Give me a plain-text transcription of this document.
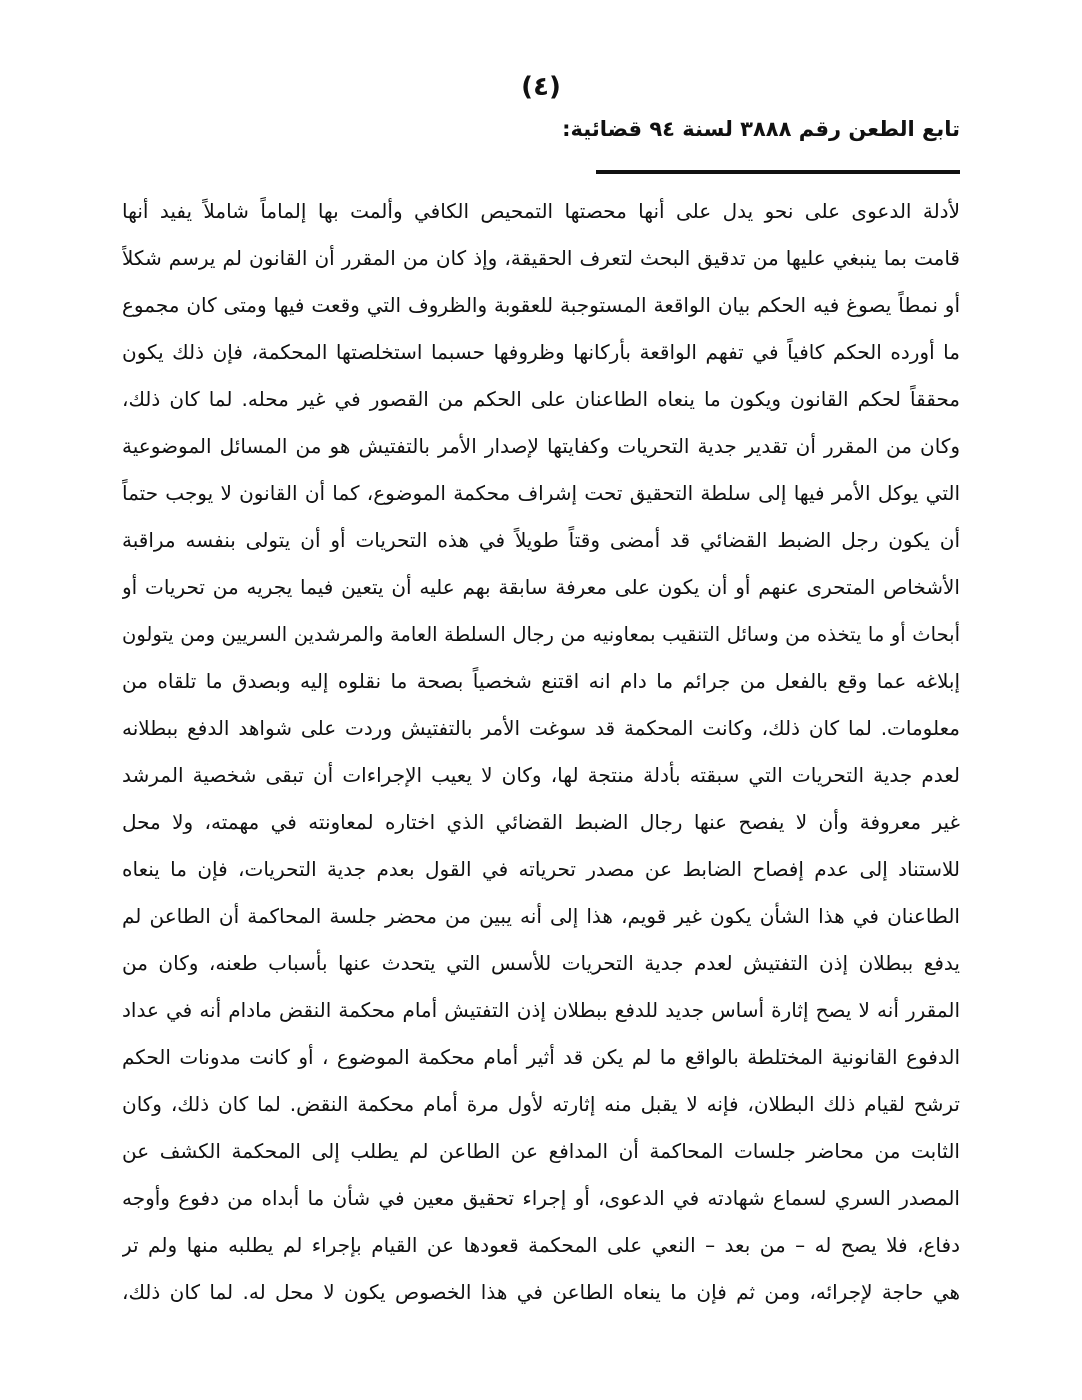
(٤)
تابع الطعن رقم ٣٨٨٨ لسنة ٩٤ قضائية:
لأدلة الدعوى على نحو يدل على أنها محصتها التمحيص الكافي وألمت بها إلماماً شاملاً يفيد أنها
قامت بما ينبغي عليها من تدقيق البحث لتعرف الحقيقة، وإذ كان من المقرر أن القانون لم يرسم شكلاً
أو نمطاً يصوغ فيه الحكم بيان الواقعة المستوجبة للعقوبة والظروف التي وقعت فيها ومتى كان مجموع
ما أورده الحكم كافياً في تفهم الواقعة بأركانها وظروفها حسبما استخلصتها المحكمة، فإن ذلك يكون
محققاً لحكم القانون ويكون ما ينعاه الطاعنان على الحكم من القصور في غير محله. لما كان ذلك،
وكان من المقرر أن تقدير جدية التحريات وكفايتها لإصدار الأمر بالتفتيش هو من المسائل الموضوعية
التي يوكل الأمر فيها إلى سلطة التحقيق تحت إشراف محكمة الموضوع، كما أن القانون لا يوجب حتماً
أن يكون رجل الضبط القضائي قد أمضى وقتاً طويلاً في هذه التحريات أو أن يتولى بنفسه مراقبة
الأشخاص المتحرى عنهم أو أن يكون على معرفة سابقة بهم عليه أن يتعين فيما يجريه من تحريات أو
أبحاث أو ما يتخذه من وسائل التنقيب بمعاونيه من رجال السلطة العامة والمرشدين السريين ومن يتولون
إبلاغه عما وقع بالفعل من جرائم ما دام انه اقتنع شخصياً بصحة ما نقلوه إليه وبصدق ما تلقاه من
معلومات. لما كان ذلك، وكانت المحكمة قد سوغت الأمر بالتفتيش وردت على شواهد الدفع ببطلانه
لعدم جدية التحريات التي سبقته بأدلة منتجة لها، وكان لا يعيب الإجراءات أن تبقى شخصية المرشد
غير معروفة وأن لا يفصح عنها رجال الضبط القضائي الذي اختاره لمعاونته في مهمته، ولا محل
للاستناد إلى عدم إفصاح الضابط عن مصدر تحرياته في القول بعدم جدية التحريات، فإن ما ينعاه
الطاعنان في هذا الشأن يكون غير قويم، هذا إلى أنه يبين من محضر جلسة المحاكمة أن الطاعن لم
يدفع ببطلان إذن التفتيش لعدم جدية التحريات للأسس التي يتحدث عنها بأسباب طعنه، وكان من
المقرر أنه لا يصح إثارة أساس جديد للدفع ببطلان إذن التفتيش أمام محكمة النقض مادام أنه في عداد
الدفوع القانونية المختلطة بالواقع ما لم يكن قد أثير أمام محكمة الموضوع ، أو كانت مدونات الحكم
ترشح لقيام ذلك البطلان، فإنه لا يقبل منه إثارته لأول مرة أمام محكمة النقض. لما كان ذلك، وكان
الثابت من محاضر جلسات المحاكمة أن المدافع عن الطاعن لم يطلب إلى المحكمة الكشف عن
المصدر السري لسماع شهادته في الدعوى، أو إجراء تحقيق معين في شأن ما أبداه من دفوع وأوجه
دفاع، فلا يصح له – من بعد – النعي على المحكمة قعودها عن القيام بإجراء لم يطلبه منها ولم تر
هي حاجة لإجرائه، ومن ثم فإن ما ينعاه الطاعن في هذا الخصوص يكون لا محل له. لما كان ذلك،
